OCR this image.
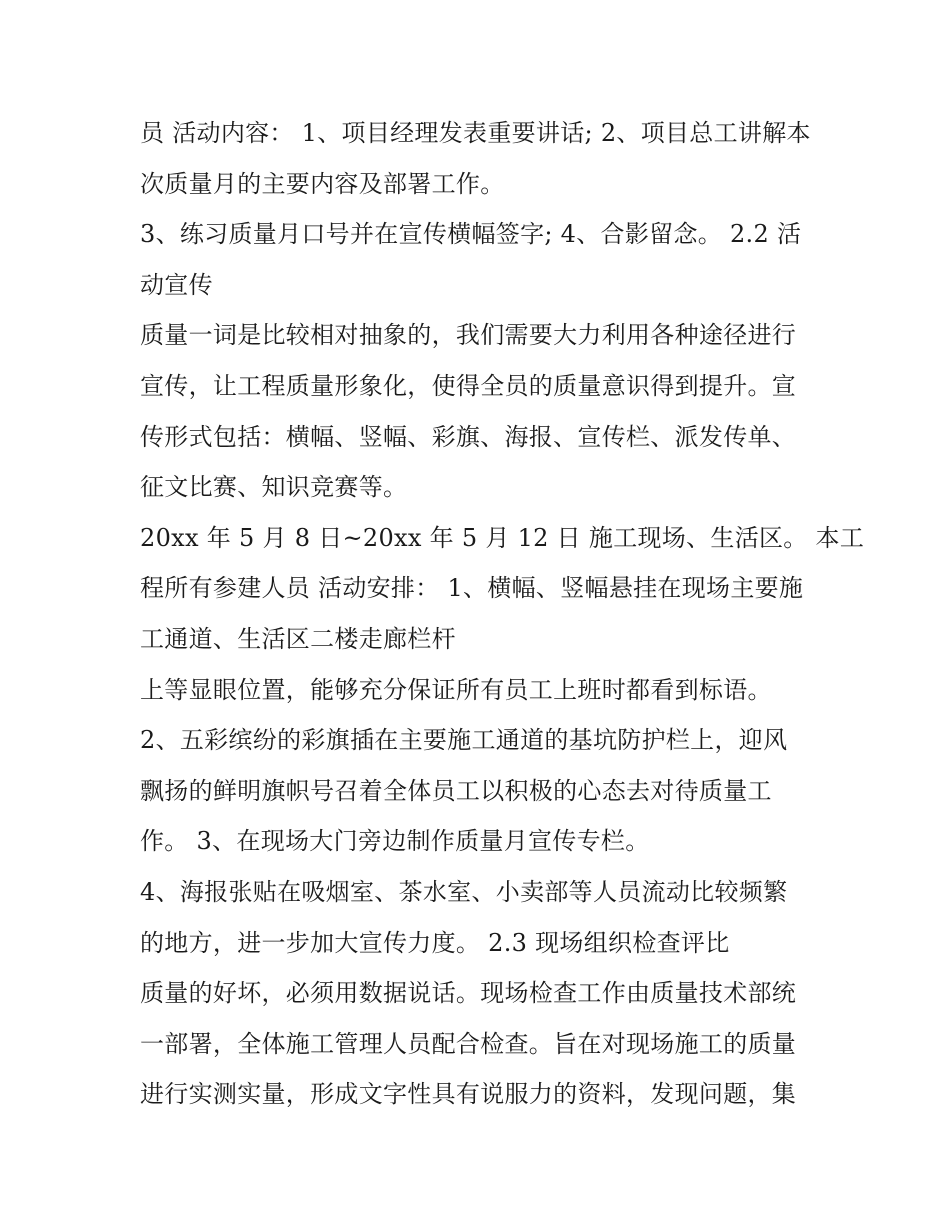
员 活动内容： 1、项目经理发表重要讲话; 2、项目总工讲解本
次质量月的主要内容及部署工作。
3、练习质量月口号并在宣传横幅签字; 4、合影留念。 2.2 活
动宣传
质量一词是比较相对抽象的，我们需要大力利用各种途径进行
宣传，让工程质量形象化，使得全员的质量意识得到提升。宣
传形式包括：横幅、竖幅、彩旗、海报、宣传栏、派发传单、
征文比赛、知识竞赛等。
20xx 年 5 月 8 日~20xx 年 5 月 12 日 施工现场、生活区。 本工
程所有参建人员 活动安排： 1、横幅、竖幅悬挂在现场主要施
工通道、生活区二楼走廊栏杆
上等显眼位置，能够充分保证所有员工上班时都看到标语。
2、五彩缤纷的彩旗插在主要施工通道的基坑防护栏上，迎风
飘扬的鲜明旗帜号召着全体员工以积极的心态去对待质量工
作。 3、在现场大门旁边制作质量月宣传专栏。
4、海报张贴在吸烟室、茶水室、小卖部等人员流动比较频繁
的地方，进一步加大宣传力度。 2.3 现场组织检查评比
质量的好坏，必须用数据说话。现场检查工作由质量技术部统
一部署，全体施工管理人员配合检查。旨在对现场施工的质量
进行实测实量，形成文字性具有说服力的资料，发现问题，集
